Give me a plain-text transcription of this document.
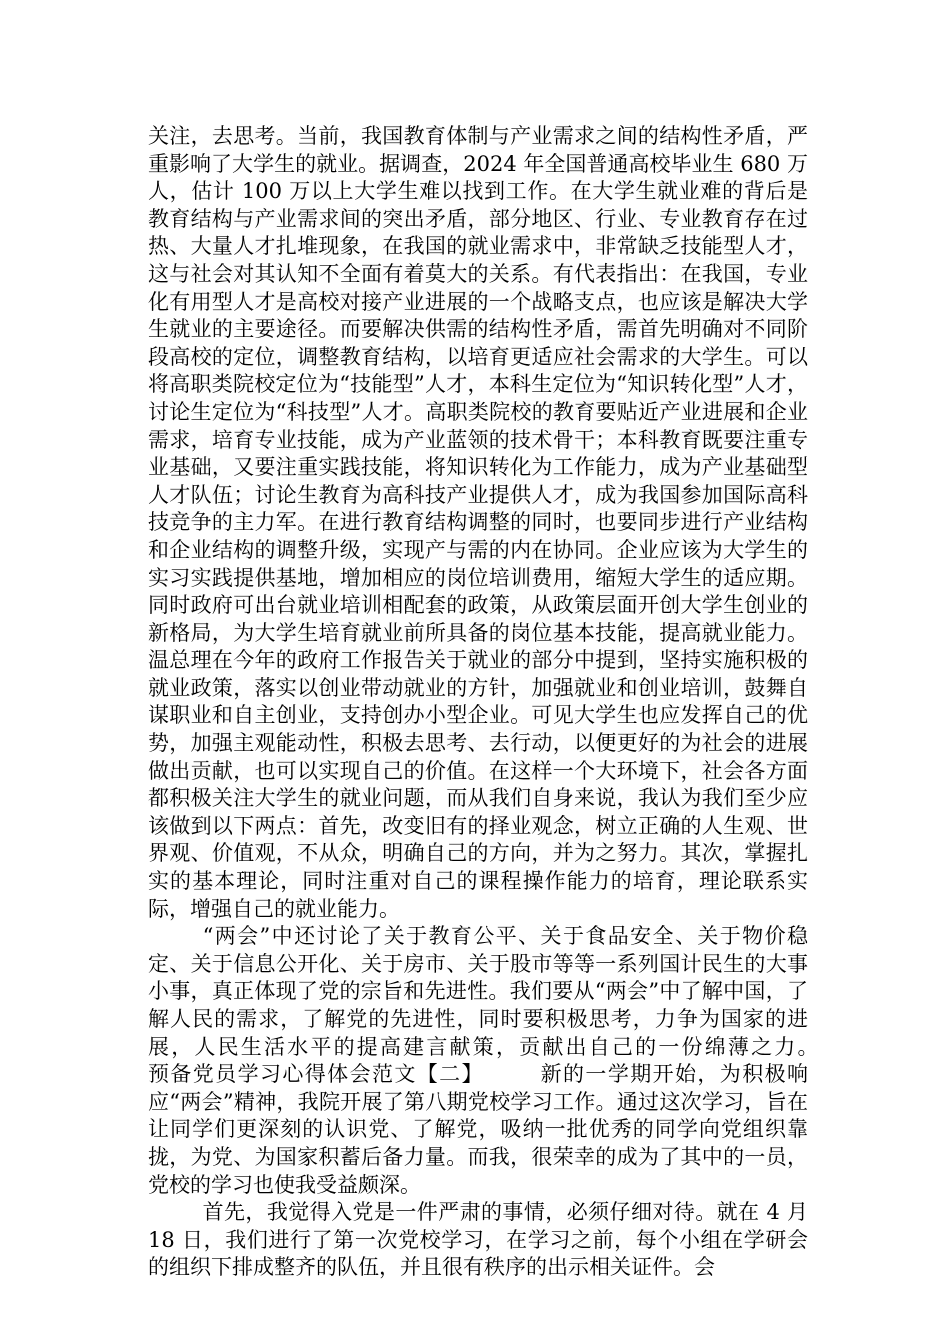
关注，去思考。当前，我国教育体制与产业需求之间的结构性矛盾，严重影响了大学生的就业。据调查，2024 年全国普通高校毕业生 680 万人，估计 100 万以上大学生难以找到工作。在大学生就业难的背后是教育结构与产业需求间的突出矛盾，部分地区、行业、专业教育存在过热、大量人才扎堆现象，在我国的就业需求中，非常缺乏技能型人才，这与社会对其认知不全面有着莫大的关系。有代表指出：在我国，专业化有用型人才是高校对接产业进展的一个战略支点，也应该是解决大学生就业的主要途径。而要解决供需的结构性矛盾，需首先明确对不同阶段高校的定位，调整教育结构，以培育更适应社会需求的大学生。可以将高职类院校定位为“技能型”人才，本科生定位为“知识转化型”人才，讨论生定位为“科技型”人才。高职类院校的教育要贴近产业进展和企业需求，培育专业技能，成为产业蓝领的技术骨干；本科教育既要注重专业基础，又要注重实践技能，将知识转化为工作能力，成为产业基础型人才队伍；讨论生教育为高科技产业提供人才，成为我国参加国际高科技竞争的主力军。在进行教育结构调整的同时，也要同步进行产业结构和企业结构的调整升级，实现产与需的内在协同。企业应该为大学生的实习实践提供基地，增加相应的岗位培训费用，缩短大学生的适应期。同时政府可出台就业培训相配套的政策，从政策层面开创大学生创业的新格局，为大学生培育就业前所具备的岗位基本技能，提高就业能力。温总理在今年的政府工作报告关于就业的部分中提到，坚持实施积极的就业政策，落实以创业带动就业的方针，加强就业和创业培训，鼓舞自谋职业和自主创业，支持创办小型企业。可见大学生也应发挥自己的优势，加强主观能动性，积极去思考、去行动，以便更好的为社会的进展做出贡献，也可以实现自己的价值。在这样一个大环境下，社会各方面都积极关注大学生的就业问题，而从我们自身来说，我认为我们至少应该做到以下两点：首先，改变旧有的择业观念，树立正确的人生观、世界观、价值观，不从众，明确自己的方向，并为之努力。其次，掌握扎实的基本理论，同时注重对自己的课程操作能力的培育，理论联系实际，增强自己的就业能力。

“两会”中还讨论了关于教育公平、关于食品安全、关于物价稳定、关于信息公开化、关于房市、关于股市等等一系列国计民生的大事小事，真正体现了党的宗旨和先进性。我们要从“两会”中了解中国，了解人民的需求，了解党的先进性，同时要积极思考，力争为国家的进展，人民生活水平的提高建言献策，贡献出自己的一份绵薄之力。　　　预备党员学习心得体会范文【二】　　　新的一学期开始，为积极响应“两会”精神，我院开展了第八期党校学习工作。通过这次学习，旨在让同学们更深刻的认识党、了解党，吸纳一批优秀的同学向党组织靠拢，为党、为国家积蓄后备力量。而我，很荣幸的成为了其中的一员，党校的学习也使我受益颇深。

首先，我觉得入党是一件严肃的事情，必须仔细对待。就在 4 月 18 日，我们进行了第一次党校学习，在学习之前，每个小组在学研会的组织下排成整齐的队伍，并且很有秩序的出示相关证件。会
